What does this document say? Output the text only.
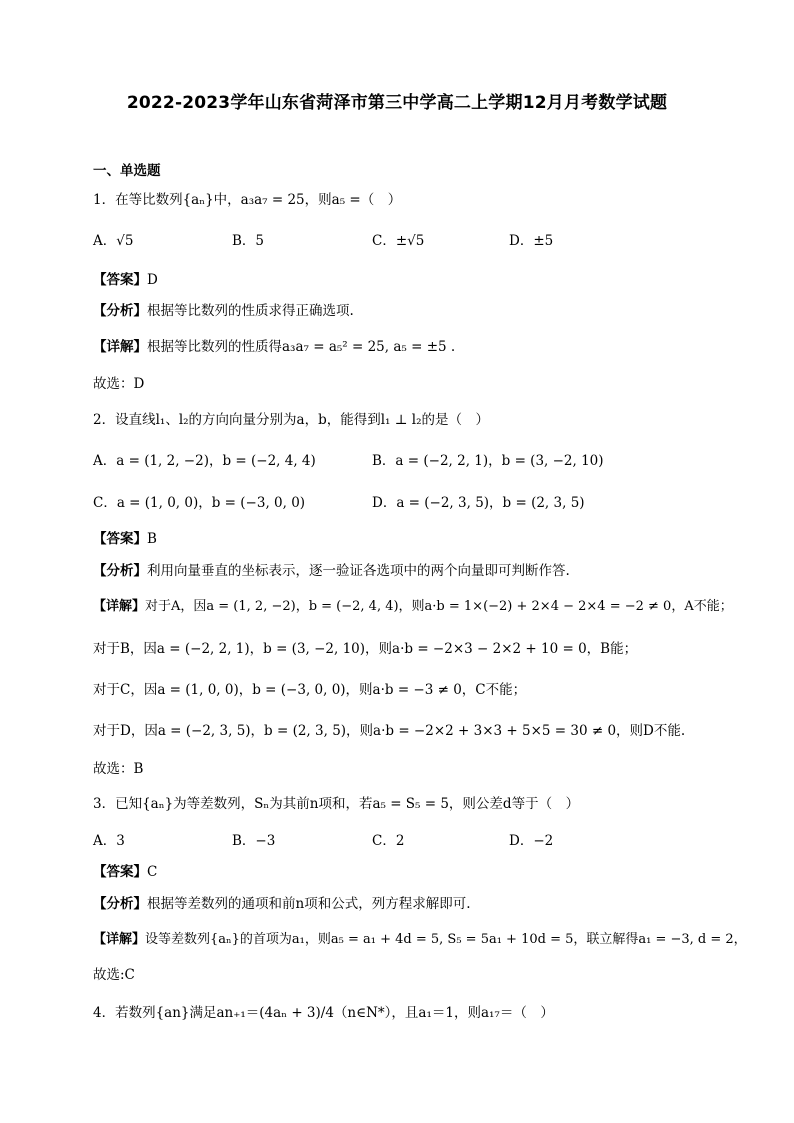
2022-2023学年山东省菏泽市第三中学高二上学期12月月考数学试题
一、单选题
1．在等比数列{aₙ}中，a₃a₇ = 25，则a₅ =（　）
A．√5	B．5	C．±√5	D．±5
【答案】D
【分析】根据等比数列的性质求得正确选项.
【详解】根据等比数列的性质得a₃a₇ = a₅² = 25, a₅ = ±5 .
故选：D
2．设直线l₁、l₂的方向向量分别为a，b，能得到l₁ ⊥ l₂的是（　）
A．a = (1, 2, −2)，b = (−2, 4, 4)	B．a = (−2, 2, 1)，b = (3, −2, 10)
C．a = (1, 0, 0)，b = (−3, 0, 0)	D．a = (−2, 3, 5)，b = (2, 3, 5)
【答案】B
【分析】利用向量垂直的坐标表示，逐一验证各选项中的两个向量即可判断作答.
【详解】对于A，因a = (1, 2, −2)，b = (−2, 4, 4)，则a·b = 1×(−2) + 2×4 − 2×4 = −2 ≠ 0，A不能；
对于B，因a = (−2, 2, 1)，b = (3, −2, 10)，则a·b = −2×3 − 2×2 + 10 = 0，B能；
对于C，因a = (1, 0, 0)，b = (−3, 0, 0)，则a·b = −3 ≠ 0，C不能；
对于D，因a = (−2, 3, 5)，b = (2, 3, 5)，则a·b = −2×2 + 3×3 + 5×5 = 30 ≠ 0，则D不能.
故选：B
3．已知{aₙ}为等差数列，Sₙ为其前n项和，若a₅ = S₅ = 5，则公差d等于（　）
A．3	B．−3	C．2	D．−2
【答案】C
【分析】根据等差数列的通项和前n项和公式，列方程求解即可.
【详解】设等差数列{aₙ}的首项为a₁，则a₅ = a₁ + 4d = 5, S₅ = 5a₁ + 10d = 5，联立解得a₁ = −3, d = 2，
故选:C
4．若数列{an}满足an₊₁＝(4aₙ + 3)/4（n∈N*），且a₁＝1，则a₁₇＝（　）
